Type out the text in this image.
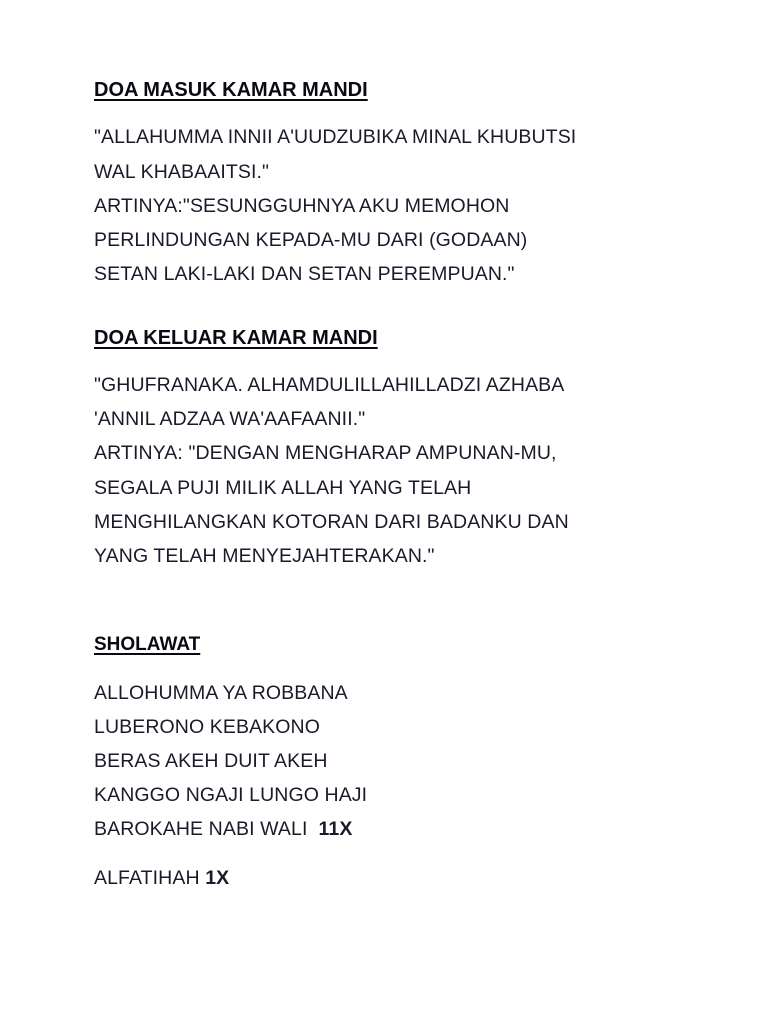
DOA MASUK KAMAR MANDI
"ALLAHUMMA INNII A'UUDZUBIKA MINAL KHUBUTSI
WAL KHABAAITSI."
ARTINYA:"SESUNGGUHNYA AKU MEMOHON
PERLINDUNGAN KEPADA-MU DARI (GODAAN)
SETAN LAKI-LAKI DAN SETAN PEREMPUAN."
DOA KELUAR KAMAR MANDI
"GHUFRANAKA. ALHAMDULILLAHILLADZI AZHABA
'ANNIL ADZAA WA'AAFAANII."
ARTINYA: "DENGAN MENGHARAP AMPUNAN-MU,
SEGALA PUJI MILIK ALLAH YANG TELAH
MENGHILANGKAN KOTORAN DARI BADANKU DAN
YANG TELAH MENYEJAHTERAKAN."
SHOLAWAT
ALLOHUMMA YA ROBBANA
LUBERONO KEBAKONO
BERAS AKEH DUIT AKEH
KANGGO NGAJI LUNGO HAJI
BAROKAHE NABI WALI 11X
ALFATIHAH 1X
